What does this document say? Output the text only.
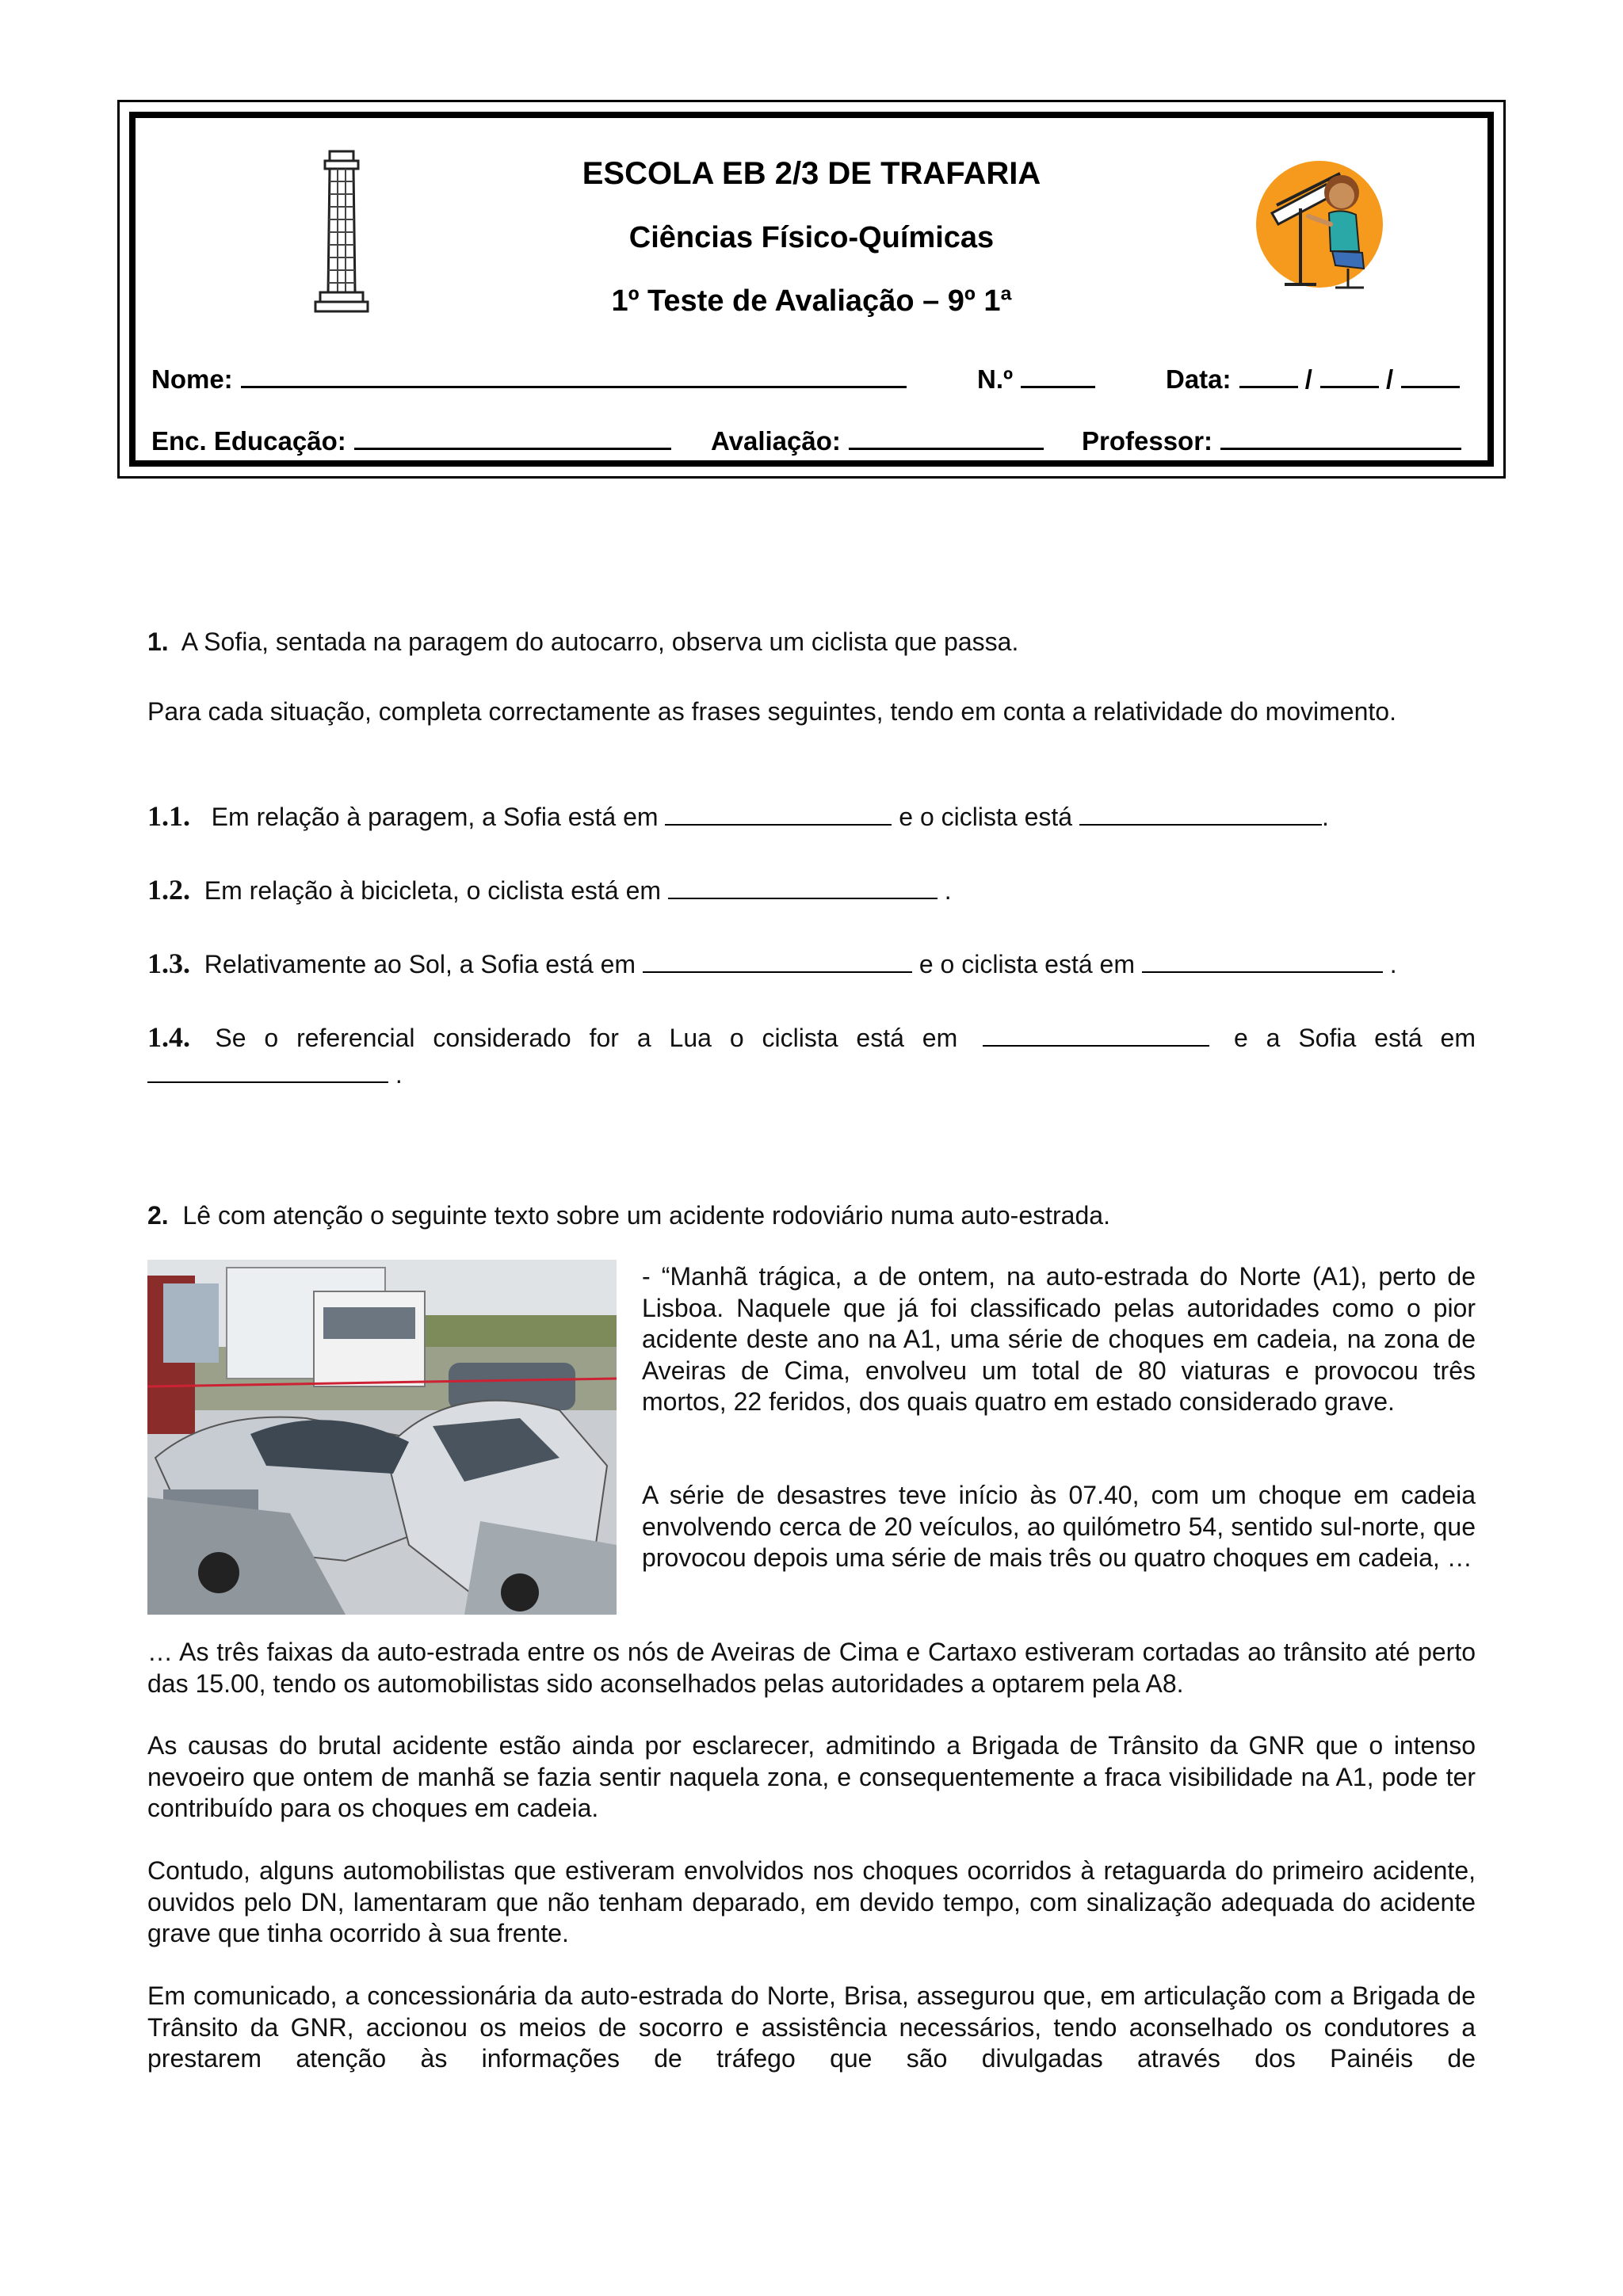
ESCOLA EB 2/3 DE TRAFARIA
Ciências Físico-Químicas
1º Teste de Avaliação – 9º 1ª
Nome:	N.º	Data:	/	/
Enc. Educação:	Avaliação:	Professor:
1. A Sofia, sentada na paragem do autocarro, observa um ciclista que passa.
Para cada situação, completa correctamente as frases seguintes, tendo em conta a relatividade do movimento.
1.1. Em relação à paragem, a Sofia está em	e o ciclista está	.
1.2. Em relação à bicicleta, o ciclista está em	.
1.3. Relativamente ao Sol, a Sofia está em	e o ciclista está em	.
1.4. Se o referencial considerado for a Lua o ciclista está em	e a Sofia está em
.
2. Lê com atenção o seguinte texto sobre um acidente rodoviário numa auto-estrada.
- “Manhã trágica, a de ontem, na auto-estrada do Norte (A1), perto de Lisboa. Naquele que já foi classificado pelas autoridades como o pior acidente deste ano na A1, uma série de choques em cadeia, na zona de Aveiras de Cima, envolveu um total de 80 viaturas e provocou três mortos, 22 feridos, dos quais quatro em estado considerado grave.
A série de desastres teve início às 07.40, com um choque em cadeia envolvendo cerca de 20 veículos, ao quilómetro 54, sentido sul-norte, que provocou depois uma série de mais três ou quatro choques em cadeia, …
… As três faixas da auto-estrada entre os nós de Aveiras de Cima e Cartaxo estiveram cortadas ao trânsito até perto das 15.00, tendo os automobilistas sido aconselhados pelas autoridades a optarem pela A8.
As causas do brutal acidente estão ainda por esclarecer, admitindo a Brigada de Trânsito da GNR que o intenso nevoeiro que ontem de manhã se fazia sentir naquela zona, e consequentemente a fraca visibilidade na A1, pode ter contribuído para os choques em cadeia.
Contudo, alguns automobilistas que estiveram envolvidos nos choques ocorridos à retaguarda do primeiro acidente, ouvidos pelo DN, lamentaram que não tenham deparado, em devido tempo, com sinalização adequada do acidente grave que tinha ocorrido à sua frente.
Em comunicado, a concessionária da auto-estrada do Norte, Brisa, assegurou que, em articulação com a Brigada de Trânsito da GNR, accionou os meios de socorro e assistência necessários, tendo aconselhado os condutores a prestarem atenção às informações de tráfego que são divulgadas através dos Painéis de
